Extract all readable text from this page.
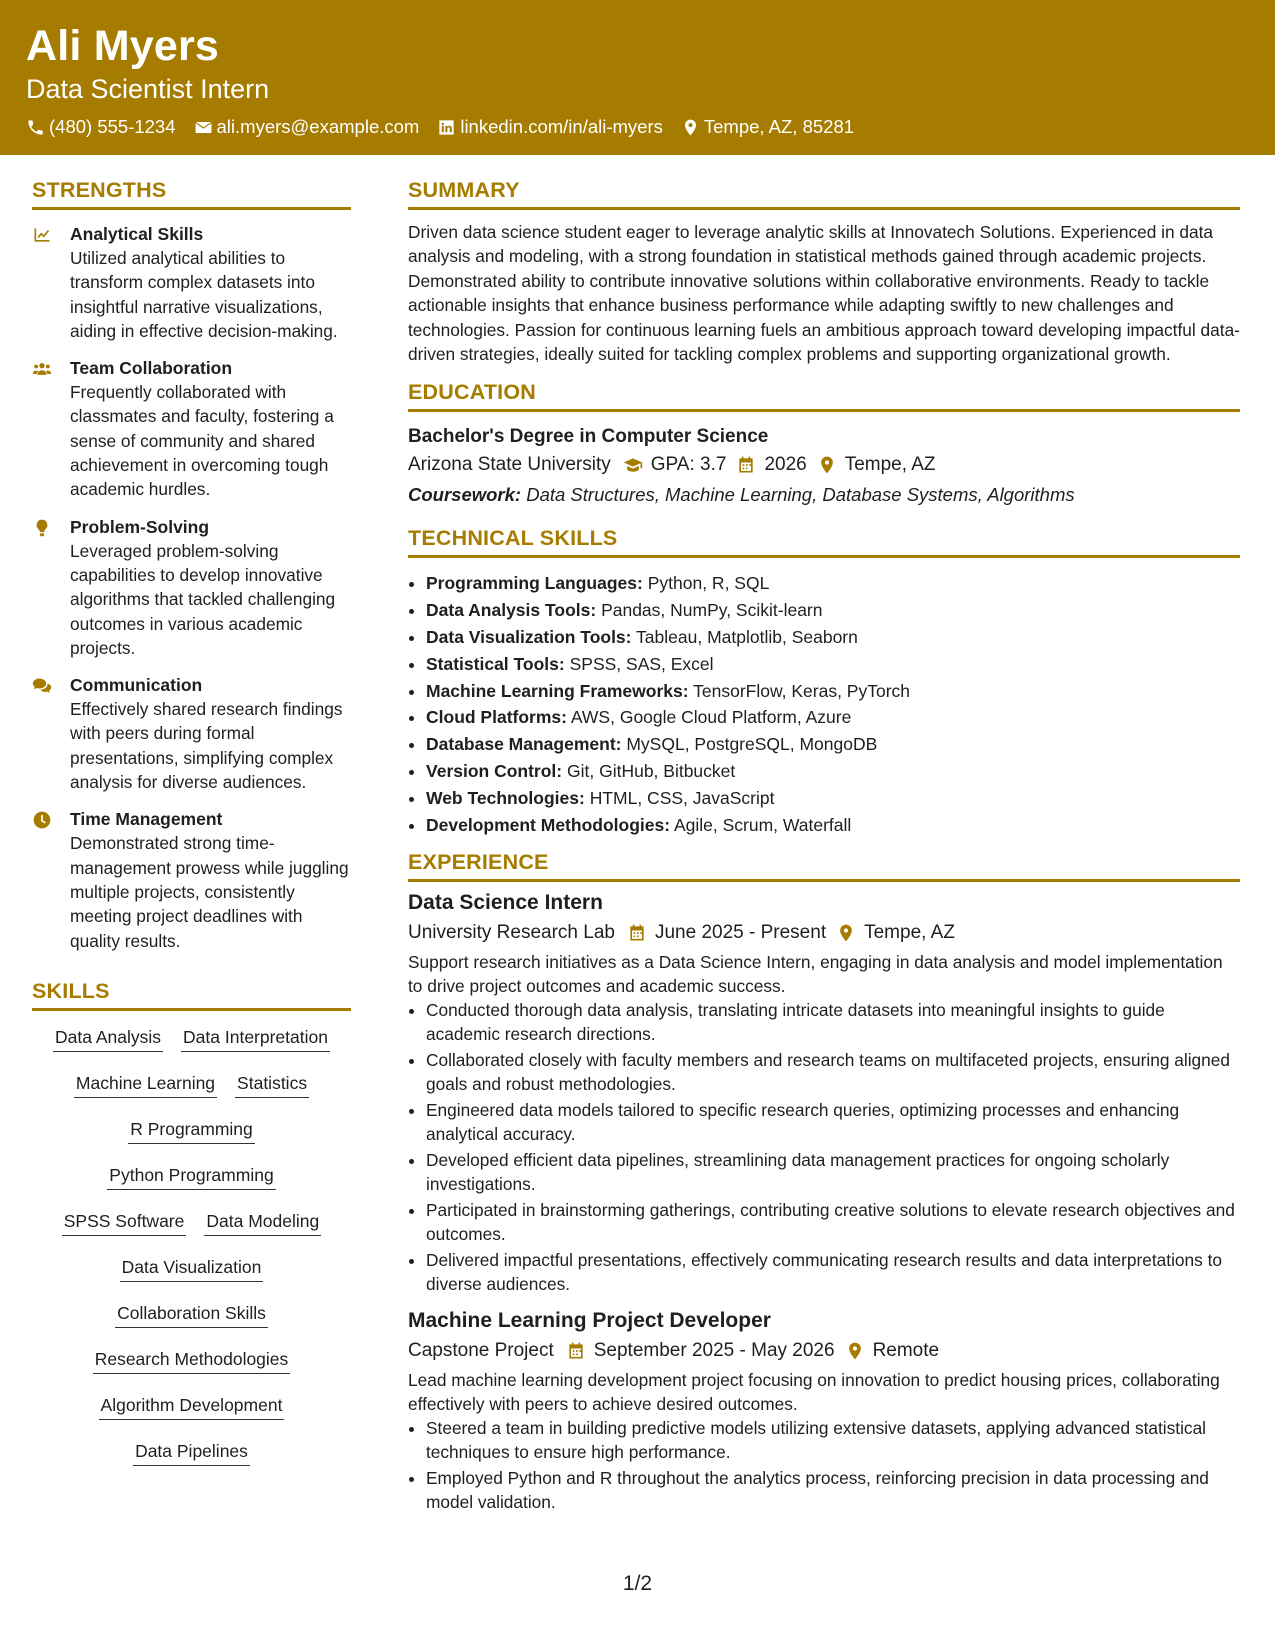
Ali Myers
Data Scientist Intern
(480) 555-1234 ali.myers@example.com linkedin.com/in/ali-myers Tempe, AZ, 85281
STRENGTHS
Analytical Skills
Utilized analytical abilities to transform complex datasets into insightful narrative visualizations, aiding in effective decision-making.
Team Collaboration
Frequently collaborated with classmates and faculty, fostering a sense of community and shared achievement in overcoming tough academic hurdles.
Problem-Solving
Leveraged problem-solving capabilities to develop innovative algorithms that tackled challenging outcomes in various academic projects.
Communication
Effectively shared research findings with peers during formal presentations, simplifying complex analysis for diverse audiences.
Time Management
Demonstrated strong time-management prowess while juggling multiple projects, consistently meeting project deadlines with quality results.
SKILLS
Data Analysis Data Interpretation
Machine Learning Statistics
R Programming
Python Programming
SPSS Software Data Modeling
Data Visualization
Collaboration Skills
Research Methodologies
Algorithm Development
Data Pipelines
SUMMARY
Driven data science student eager to leverage analytic skills at Innovatech Solutions. Experienced in data analysis and modeling, with a strong foundation in statistical methods gained through academic projects. Demonstrated ability to contribute innovative solutions within collaborative environments. Ready to tackle actionable insights that enhance business performance while adapting swiftly to new challenges and technologies. Passion for continuous learning fuels an ambitious approach toward developing impactful data-driven strategies, ideally suited for tackling complex problems and supporting organizational growth.
EDUCATION
Bachelor's Degree in Computer Science
Arizona State University GPA: 3.7 2026 Tempe, AZ
Coursework: Data Structures, Machine Learning, Database Systems, Algorithms
TECHNICAL SKILLS
• Programming Languages: Python, R, SQL
• Data Analysis Tools: Pandas, NumPy, Scikit-learn
• Data Visualization Tools: Tableau, Matplotlib, Seaborn
• Statistical Tools: SPSS, SAS, Excel
• Machine Learning Frameworks: TensorFlow, Keras, PyTorch
• Cloud Platforms: AWS, Google Cloud Platform, Azure
• Database Management: MySQL, PostgreSQL, MongoDB
• Version Control: Git, GitHub, Bitbucket
• Web Technologies: HTML, CSS, JavaScript
• Development Methodologies: Agile, Scrum, Waterfall
EXPERIENCE
Data Science Intern
University Research Lab June 2025 - Present Tempe, AZ
Support research initiatives as a Data Science Intern, engaging in data analysis and model implementation to drive project outcomes and academic success.
• Conducted thorough data analysis, translating intricate datasets into meaningful insights to guide academic research directions.
• Collaborated closely with faculty members and research teams on multifaceted projects, ensuring aligned goals and robust methodologies.
• Engineered data models tailored to specific research queries, optimizing processes and enhancing analytical accuracy.
• Developed efficient data pipelines, streamlining data management practices for ongoing scholarly investigations.
• Participated in brainstorming gatherings, contributing creative solutions to elevate research objectives and outcomes.
• Delivered impactful presentations, effectively communicating research results and data interpretations to diverse audiences.
Machine Learning Project Developer
Capstone Project September 2025 - May 2026 Remote
Lead machine learning development project focusing on innovation to predict housing prices, collaborating effectively with peers to achieve desired outcomes.
• Steered a team in building predictive models utilizing extensive datasets, applying advanced statistical techniques to ensure high performance.
• Employed Python and R throughout the analytics process, reinforcing precision in data processing and model validation.
1/2
